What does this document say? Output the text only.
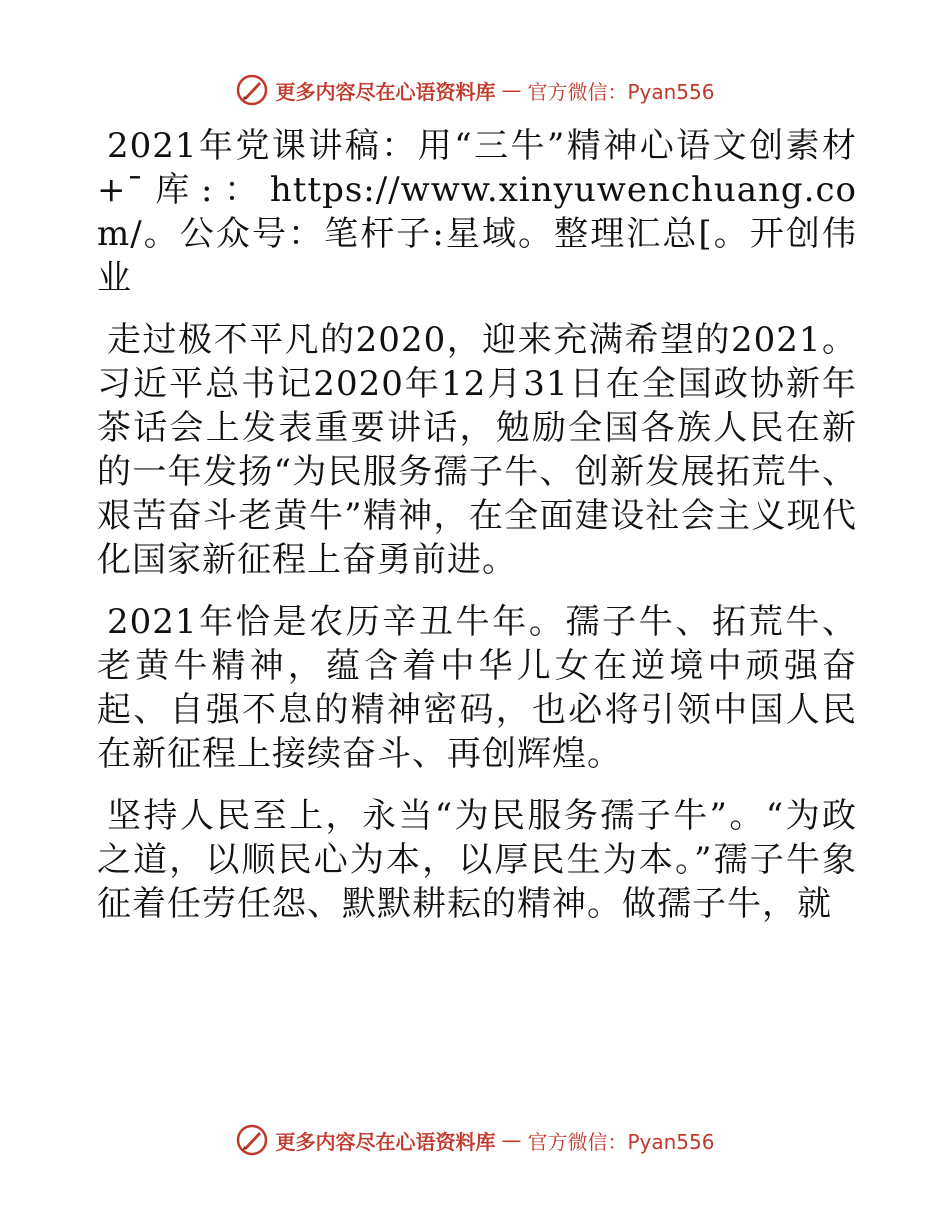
更多内容尽在心语资料库 — 官方微信：Pyan556

2021年党课讲稿：用“三牛”精神心语文创素材+¯库:：https://www.xinyuwenchuang.com/。公众号：笔杆子:星域。整理汇总[。开创伟业

走过极不平凡的2020，迎来充满希望的2021。习近平总书记2020年12月31日在全国政协新年茶话会上发表重要讲话，勉励全国各族人民在新的一年发扬“为民服务孺子牛、创新发展拓荒牛、艰苦奋斗老黄牛”精神，在全面建设社会主义现代化国家新征程上奋勇前进。

2021年恰是农历辛丑牛年。孺子牛、拓荒牛、老黄牛精神，蕴含着中华儿女在逆境中顽强奋起、自强不息的精神密码，也必将引领中国人民在新征程上接续奋斗、再创辉煌。

坚持人民至上，永当“为民服务孺子牛”。“为政之道，以顺民心为本，以厚民生为本。”孺子牛象征着任劳任怨、默默耕耘的精神。做孺子牛，就

更多内容尽在心语资料库 — 官方微信：Pyan556
